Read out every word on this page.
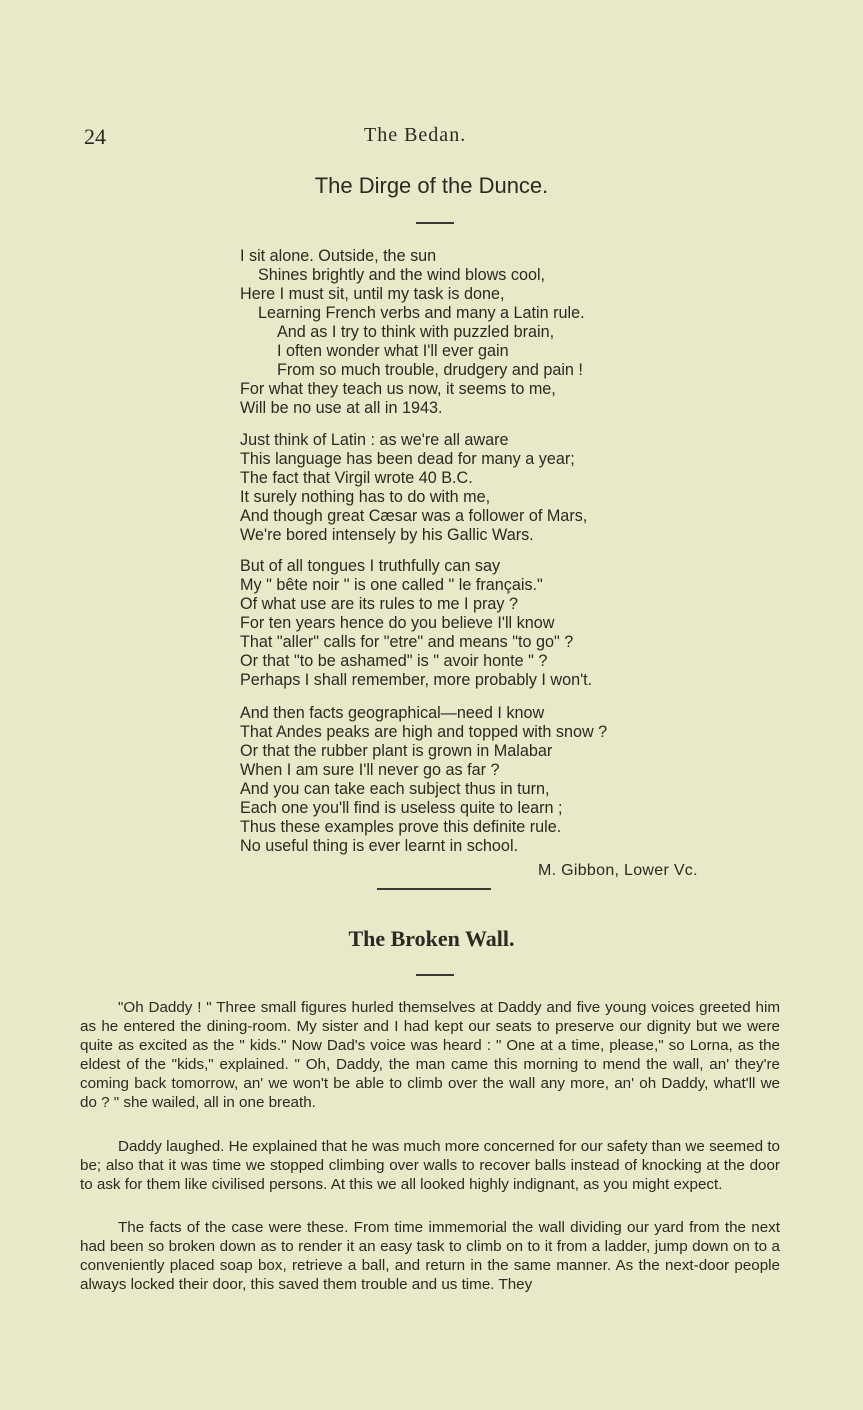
24	The Bedan.
The Dirge of the Dunce.
I sit alone. Outside, the sun
Shines brightly and the wind blows cool,
Here I must sit, until my task is done,
Learning French verbs and many a Latin rule.
And as I try to think with puzzled brain,
I often wonder what I'll ever gain
From so much trouble, drudgery and pain !
For what they teach us now, it seems to me,
Will be no use at all in 1943.
Just think of Latin : as we're all aware
This language has been dead for many a year;
The fact that Virgil wrote 40 B.C.
It surely nothing has to do with me,
And though great Cæsar was a follower of Mars,
We're bored intensely by his Gallic Wars.
But of all tongues I truthfully can say
My " bête noir " is one called " le français."
Of what use are its rules to me I pray ?
For ten years hence do you believe I'll know
That "aller" calls for "etre" and means "to go" ?
Or that "to be ashamed" is " avoir honte " ?
Perhaps I shall remember, more probably I won't.
And then facts geographical—need I know
That Andes peaks are high and topped with snow ?
Or that the rubber plant is grown in Malabar
When I am sure I'll never go as far ?
And you can take each subject thus in turn,
Each one you'll find is useless quite to learn ;
Thus these examples prove this definite rule.
No useful thing is ever learnt in school.
M. Gibbon, Lower Vc.
The Broken Wall.

"Oh Daddy ! " Three small figures hurled themselves at Daddy and five young voices greeted him as he entered the dining-room. My sister and I had kept our seats to preserve our dignity but we were quite as excited as the " kids." Now Dad's voice was heard : " One at a time, please," so Lorna, as the eldest of the "kids," explained. " Oh, Daddy, the man came this morning to mend the wall, an' they're coming back tomorrow, an' we won't be able to climb over the wall any more, an' oh Daddy, what'll we do ? " she wailed, all in one breath.

Daddy laughed. He explained that he was much more concerned for our safety than we seemed to be; also that it was time we stopped climbing over walls to recover balls instead of knocking at the door to ask for them like civilised persons. At this we all looked highly indignant, as you might expect.

The facts of the case were these. From time immemorial the wall dividing our yard from the next had been so broken down as to render it an easy task to climb on to it from a ladder, jump down on to a conveniently placed soap box, retrieve a ball, and return in the same manner. As the next-door people always locked their door, this saved them trouble and us time. They
